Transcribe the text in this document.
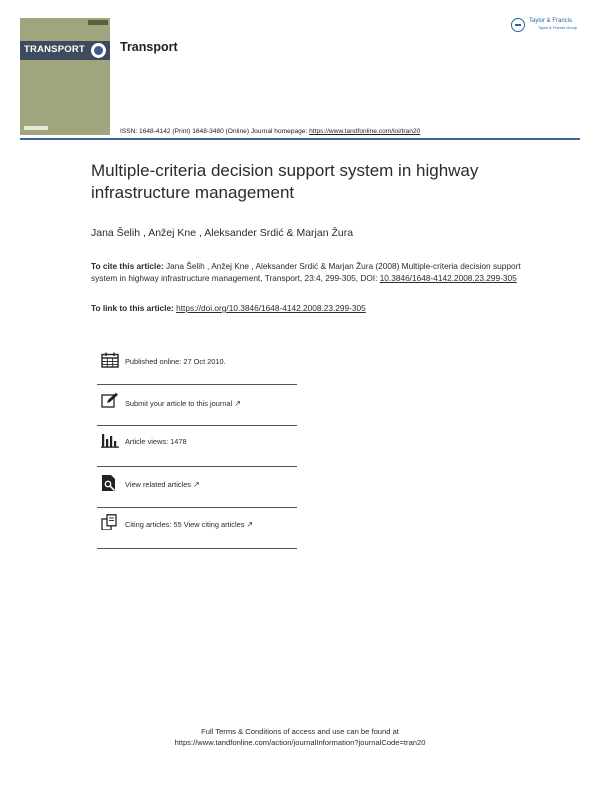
TRANSPORT	Transport
Taylor & Francis
Taylor & Francis Group
ISSN: 1648-4142 (Print) 1648-3480 (Online) Journal homepage: https://www.tandfonline.com/loi/tran20
Multiple-criteria decision support system in highway infrastructure management
Jana Šelih , Anžej Kne , Aleksander Srdić & Marjan Žura
To cite this article: Jana Šelih , Anžej Kne , Aleksander Srdić & Marjan Žura (2008) Multiple-criteria decision support system in highway infrastructure management, Transport, 23:4, 299-305, DOI: 10.3846/1648-4142.2008.23.299-305
To link to this article: https://doi.org/10.3846/1648-4142.2008.23.299-305
Published online: 27 Oct 2010.
Submit your article to this journal ↗
Article views: 1478
View related articles ↗
Citing articles: 55 View citing articles ↗
Full Terms & Conditions of access and use can be found at
https://www.tandfonline.com/action/journalInformation?journalCode=tran20
